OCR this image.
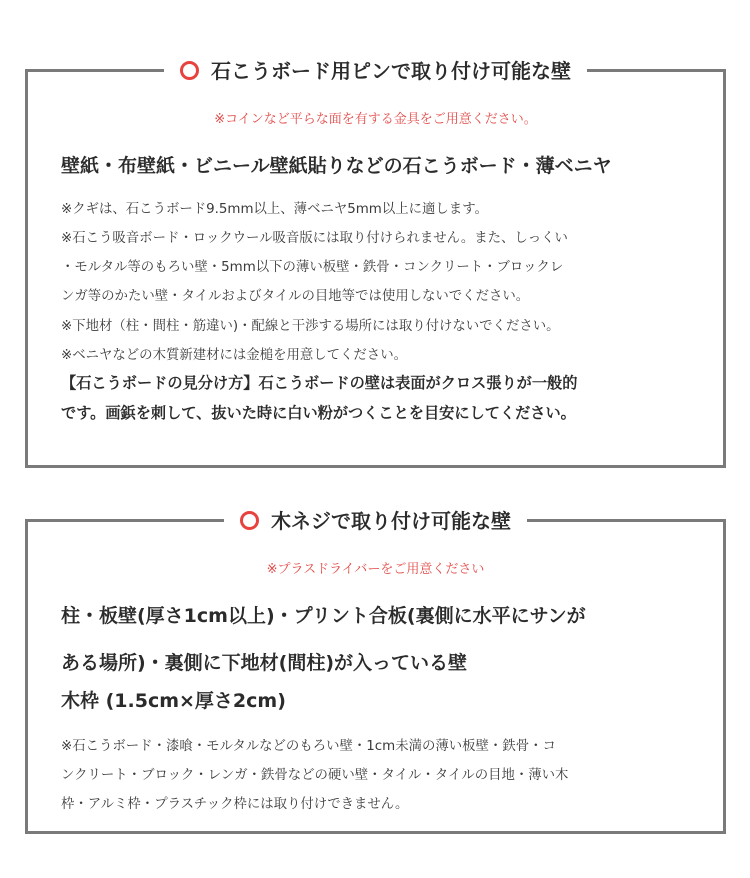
石こうボード用ピンで取り付け可能な壁
※コインなど平らな面を有する金具をご用意ください。
壁紙・布壁紙・ビニール壁紙貼りなどの石こうボード・薄ベニヤ
※クギは、石こうボード9.5mm以上、薄ベニヤ5mm以上に適します。
※石こう吸音ボード・ロックウール吸音版には取り付けられません。また、しっくい
・モルタル等のもろい壁・5mm以下の薄い板壁・鉄骨・コンクリート・ブロックレ
ンガ等のかたい壁・タイルおよびタイルの目地等では使用しないでください。
※下地材（柱・間柱・筋違い)・配線と干渉する場所には取り付けないでください。
※ベニヤなどの木質新建材には金槌を用意してください。
【石こうボードの見分け方】石こうボードの壁は表面がクロス張りが一般的
です。画鋲を刺して、抜いた時に白い粉がつくことを目安にしてください。
木ネジで取り付け可能な壁
※プラスドライバーをご用意ください
柱・板壁(厚さ1cm以上)・プリント合板(裏側に水平にサンが
ある場所)・裏側に下地材(間柱)が入っている壁
木枠 (1.5cm×厚さ2cm)
※石こうボード・漆喰・モルタルなどのもろい壁・1cm未満の薄い板壁・鉄骨・コ
ンクリート・ブロック・レンガ・鉄骨などの硬い壁・タイル・タイルの目地・薄い木
枠・アルミ枠・プラスチック枠には取り付けできません。
